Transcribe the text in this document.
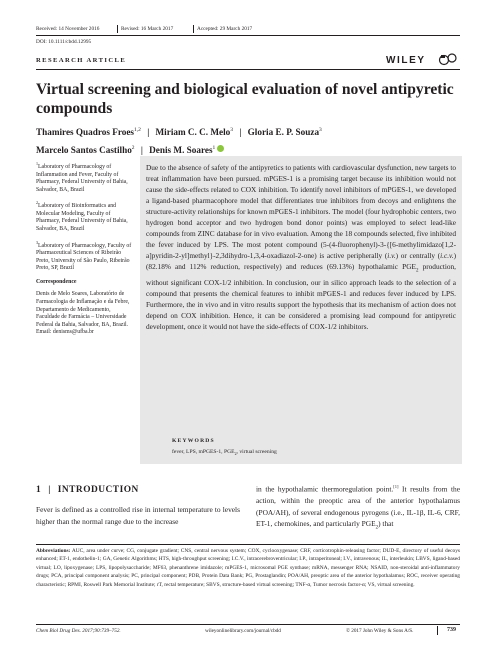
Received: 14 November 2016	Revised: 16 March 2017	Accepted: 29 March 2017
DOI: 10.1111/cbdd.12995
RESEARCH ARTICLE	WILEY
Virtual screening and biological evaluation of novel antipyretic compounds
Thamires Quadros Froes$^{1,2}$ | Miriam C. C. Melo$^3$ | Gloria E. P. Souza$^3$
Marcelo Santos Castilho$^2$ | Denis M. Soares$^1$

$^1$Laboratory of Pharmacology of Inflammation and Fever, Faculty of Pharmacy, Federal University of Bahia, Salvador, BA, Brazil

$^2$Laboratory of Bioinformatics and Molecular Modeling, Faculty of Pharmacy, Federal University of Bahia, Salvador, BA, Brazil

$^3$Laboratory of Pharmacology, Faculty of Pharmaceutical Sciences of Ribeirão Preto, University of São Paulo, Ribeirão Preto, SP, Brazil

Correspondence

Denis de Melo Soares, Laboratório de Farmacologia de Inflamação e da Febre, Departamento de Medicamento, Faculdade de Farmácia – Universidade Federal da Bahia, Salvador, BA, Brazil.

Email: denisms@ufba.br

Due to the absence of safety of the antipyretics to patients with cardiovascular dysfunction, new targets to treat inflammation have been pursued. mPGES-1 is a promising target because its inhibition would not cause the side-effects related to COX inhibition. To identify novel inhibitors of mPGES-1, we developed a ligand-based pharmacophore model that differentiates true inhibitors from decoys and enlightens the structure-activity relationships for known mPGES-1 inhibitors. The model (four hydrophobic centers, two hydrogen bond acceptor and two hydrogen bond donor points) was employed to select lead-like compounds from ZINC database for in vivo evaluation. Among the 18 compounds selected, five inhibited the fever induced by LPS. The most potent compound (5-(4-fluorophenyl)-3-{[6-methylimidazo[1,2-a]pyridin-2-yl]methyl}-2,3dihydro-1,3,4-oxadiazol-2-one) is active peripherally (i.v.) or centrally (i.c.v.) (82.18% and 112% reduction, respectively) and reduces (69.13%) hypothalamic $PGE_2$ production, without significant COX-1/2 inhibition. In conclusion, our in silico approach leads to the selection of a compound that presents the chemical features to inhibit mPGES-1 and reduces fever induced by LPS. Furthermore, the in vivo and in vitro results support the hypothesis that its mechanism of action does not depend on COX inhibition. Hence, it can be considered a promising lead compound for antipyretic development, once it would not have the side-effects of COX-1/2 inhibitors.
KEYWORDS
fever, LPS, mPGES-1, $PGE_2$, virtual screening
1 | INTRODUCTION
Fever is defined as a controlled rise in internal temperature to levels higher than the normal range due to the increase
in the hypothalamic thermoregulation point.[1] It results from the action, within the preoptic area of the anterior hypothalamus (POA/AH), of several endogenous pyrogens (i.e., IL-1β, IL-6, CRF, ET-1, chemokines, and particularly $PGE_2$) that
Abbreviations: AUC, area under curve; CG, conjugate gradient; CNS, central nervous system; COX, cyclooxygenase; CRF, corticotrophin-releasing factor; DUD-E, directory of useful decoys enhanced; ET-1, endothelin-1; GA, Genetic Algorithms; HTS, high-throughput screening; I.C.V., intracerebroventricular; I.P., intraperitoneal; I.V., intravenous; IL, interleukin; LBVS, ligand-based virtual; LO, lipoxygenase; LPS, lipopolysaccharide; MF63, phenanthrene imidazole; mPGES-1, microsomal PGE synthase; mRNA, messenger RNA; NSAID, non-steroidal anti-inflammatory drugs; PCA, principal component analysis; PC, principal component; PDB, Protein Data Bank; PG, Prostaglandin; POA/AH, preoptic area of the anterior hypothalamus; ROC, receiver operating characteristic; RPMI, Roswell Park Memorial Institute; rT, rectal temperature; SBVS, structure-based virtual screening; TNF-α, Tumor necrosis factor-α; VS, virtual screening.
Chem Biol Drug Des. 2017;90:739–752.	wileyonlinelibrary.com/journal/cbdd	© 2017 John Wiley & Sons A/S.	739
